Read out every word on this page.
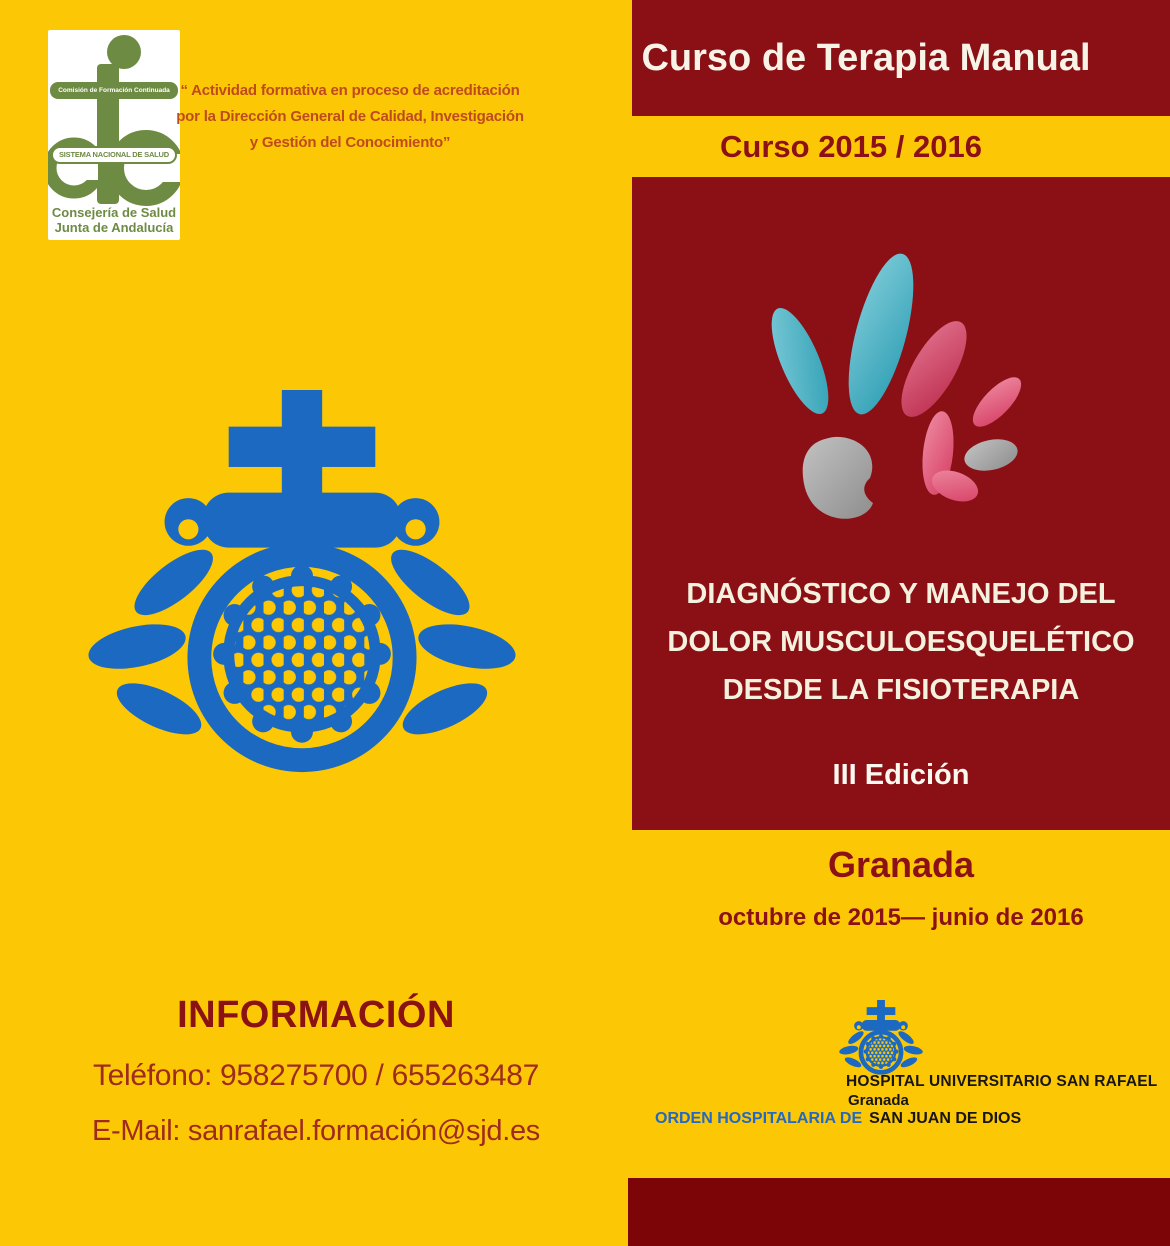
Comisión de Formación Continuada
SISTEMA NACIONAL DE SALUD
Consejería de Salud
Junta de Andalucía
“ Actividad formativa en proceso de acreditación
por la Dirección General de Calidad, Investigación
y Gestión del Conocimiento”
INFORMACIÓN
Teléfono: 958275700 / 655263487
E-Mail: sanrafael.formación@sjd.es
Curso de Terapia Manual
Curso 2015 / 2016
DIAGNÓSTICO Y MANEJO DEL
DOLOR MUSCULOESQUELÉTICO
DESDE LA FISIOTERAPIA
III Edición
Granada
octubre de 2015— junio de 2016
HOSPITAL UNIVERSITARIO SAN RAFAEL
Granada
ORDEN HOSPITALARIA DE SAN JUAN DE DIOS
